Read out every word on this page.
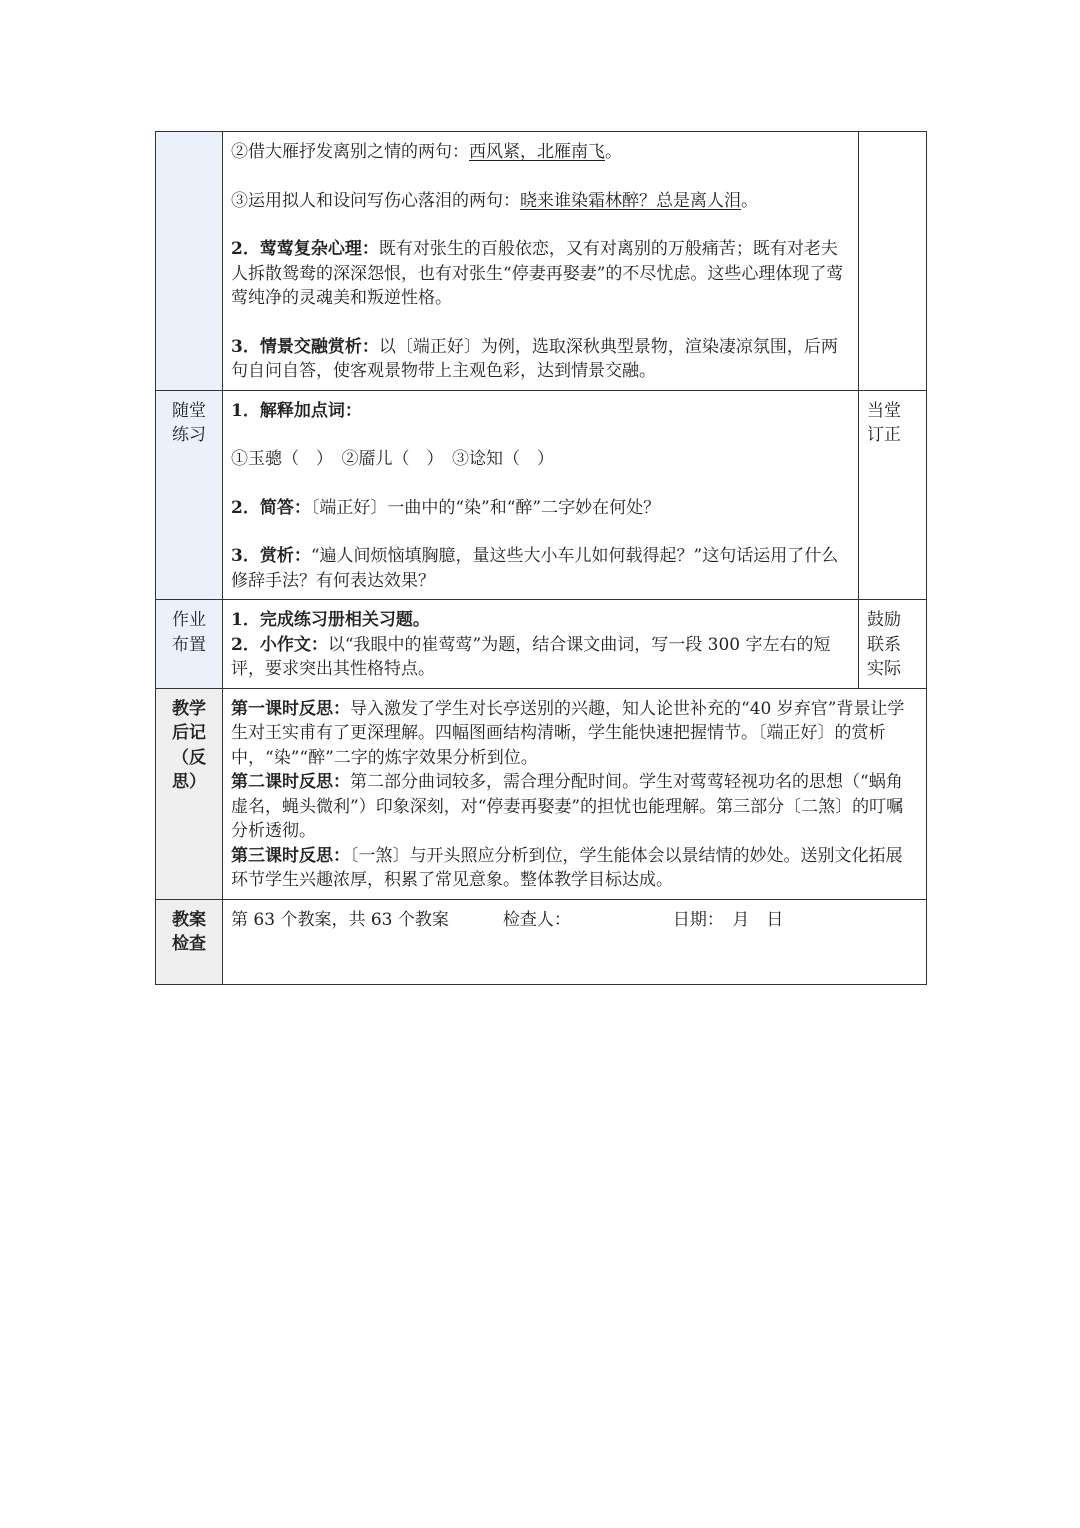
	②借大雁抒发离别之情的两句：西风紧，北雁南飞。

③运用拟人和设问写伤心落泪的两句：晓来谁染霜林醉？总是离人泪。

2．莺莺复杂心理：既有对张生的百般依恋，又有对离别的万般痛苦；既有对老夫人拆散鸳鸯的深深怨恨，也有对张生“停妻再娶妻”的不尽忧虑。这些心理体现了莺莺纯净的灵魂美和叛逆性格。

3．情景交融赏析：以〔端正好〕为例，选取深秋典型景物，渲染凄凉氛围，后两句自问自答，使客观景物带上主观色彩，达到情景交融。	

随堂练习	1．解释加点词：

①玉骢（　）　②靥儿（　）　③谂知（　）

2．简答：〔端正好〕一曲中的“染”和“醉”二字妙在何处？

3．赏析：“遍人间烦恼填胸臆，量这些大小车儿如何载得起？”这句话运用了什么修辞手法？有何表达效果？	当堂订正
作业布置	1．完成练习册相关习题。

2．小作文：以“我眼中的崔莺莺”为题，结合课文曲词，写一段 300 字左右的短评，要求突出其性格特点。	鼓励联系实际
教学后记（反思）	第一课时反思：导入激发了学生对长亭送别的兴趣，知人论世补充的“40 岁弃官”背景让学生对王实甫有了更深理解。四幅图画结构清晰，学生能快速把握情节。〔端正好〕的赏析中，“染”“醉”二字的炼字效果分析到位。

第二课时反思：第二部分曲词较多，需合理分配时间。学生对莺莺轻视功名的思想（“蜗角虚名，蝇头微利”）印象深刻，对“停妻再娶妻”的担忧也能理解。第三部分〔二煞〕的叮嘱分析透彻。

第三课时反思：〔一煞〕与开头照应分析到位，学生能体会以景结情的妙处。送别文化拓展环节学生兴趣浓厚，积累了常见意象。整体教学目标达成。	

教案检查	第 63 个教案，共 63 个教案 检查人： 日期：　月　日	
